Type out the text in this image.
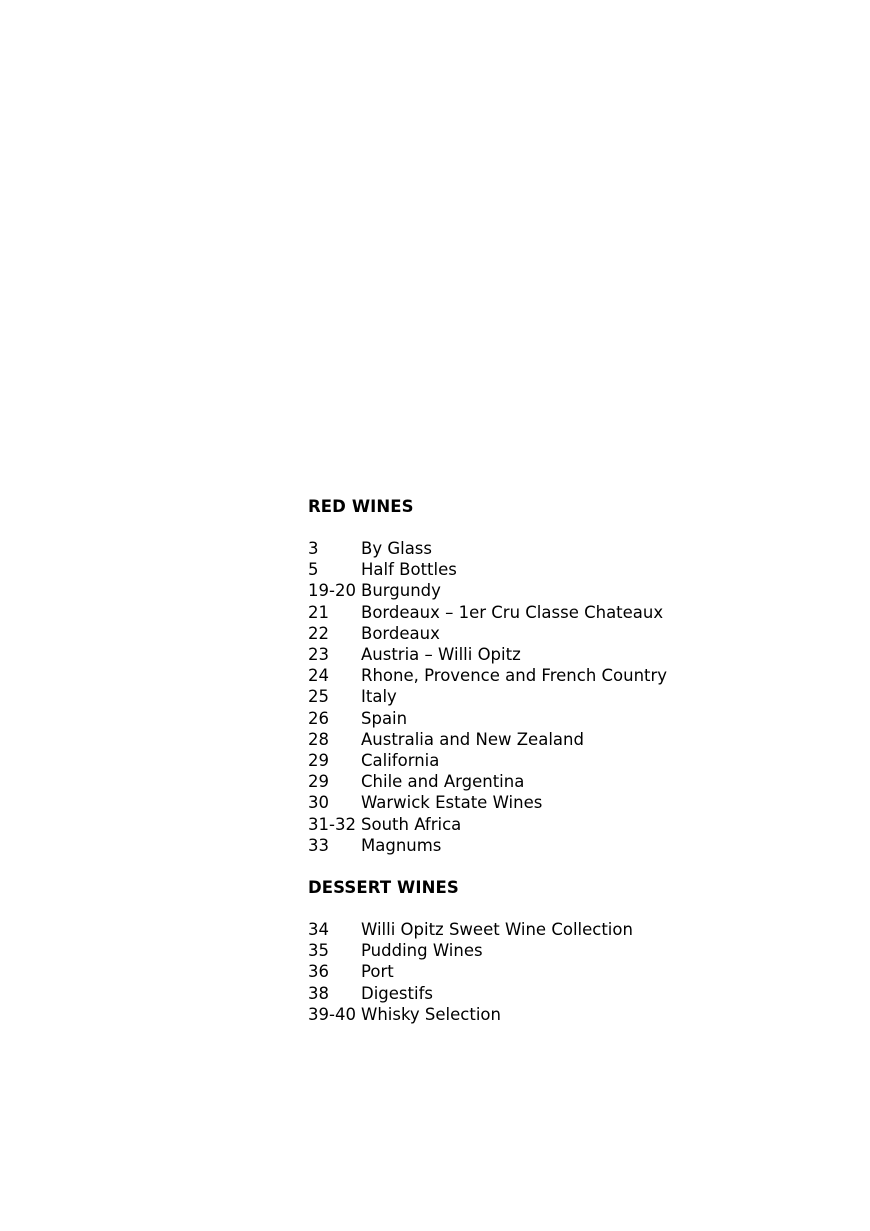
RED WINES
3	By Glass
5	Half Bottles
19-20 Burgundy
21	Bordeaux – 1er Cru Classe Chateaux
22	Bordeaux
23	Austria – Willi Opitz
24	Rhone, Provence and French Country
25	Italy
26	Spain
28	Australia and New Zealand
29	California
29	Chile and Argentina
30	Warwick Estate Wines
31-32 South Africa
33	Magnums
DESSERT WINES
34	Willi Opitz Sweet Wine Collection
35	Pudding Wines
36	Port
38	Digestifs
39-40 Whisky Selection
